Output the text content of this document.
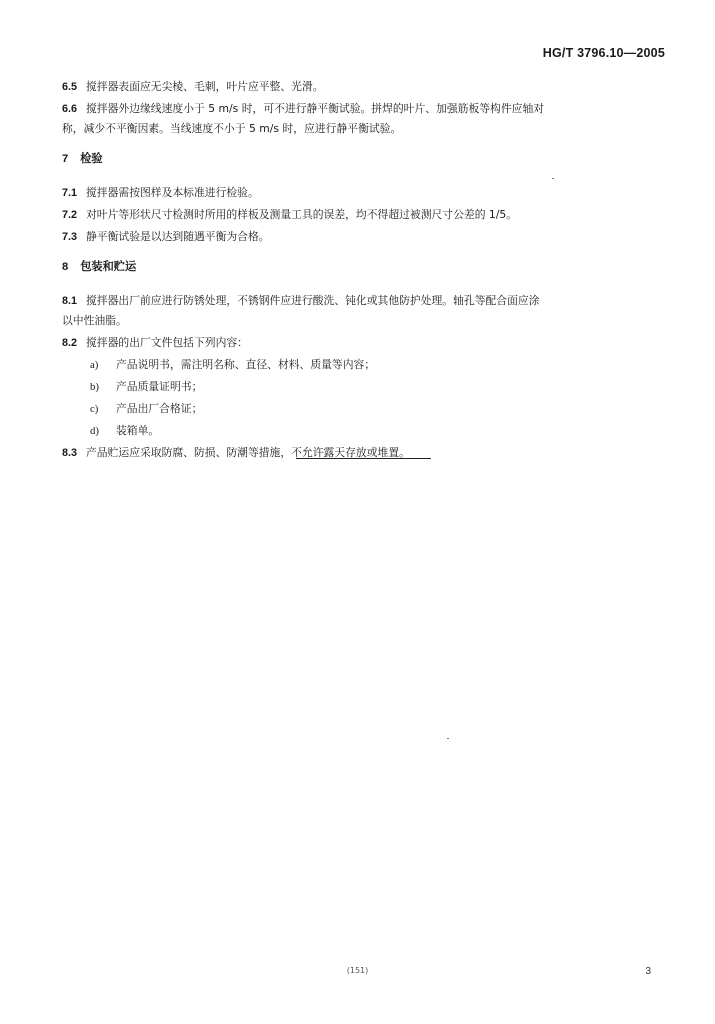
HG/T 3796.10—2005

6.5 搅拌器表面应无尖棱、毛刺，叶片应平整、光滑。

6.6 搅拌器外边缘线速度小于 5 m/s 时，可不进行静平衡试验。拼焊的叶片、加强筋板等构件应轴对

称，减少不平衡因素。当线速度不小于 5 m/s 时，应进行静平衡试验。

7 检验

7.1 搅拌器需按图样及本标准进行检验。

7.2 对叶片等形状尺寸检测时所用的样板及测量工具的误差，均不得超过被测尺寸公差的 1/5。

7.3 静平衡试验是以达到随遇平衡为合格。

8 包装和贮运

8.1 搅拌器出厂前应进行防锈处理，不锈钢件应进行酸洗、钝化或其他防护处理。轴孔等配合面应涂

以中性油脂。

8.2 搅拌器的出厂文件包括下列内容：

a) 产品说明书，需注明名称、直径、材料、质量等内容；
b) 产品质量证明书；
c) 产品出厂合格证；
d) 装箱单。

8.3 产品贮运应采取防腐、防损、防潮等措施，不允许露天存放或堆置。

(151)	3
